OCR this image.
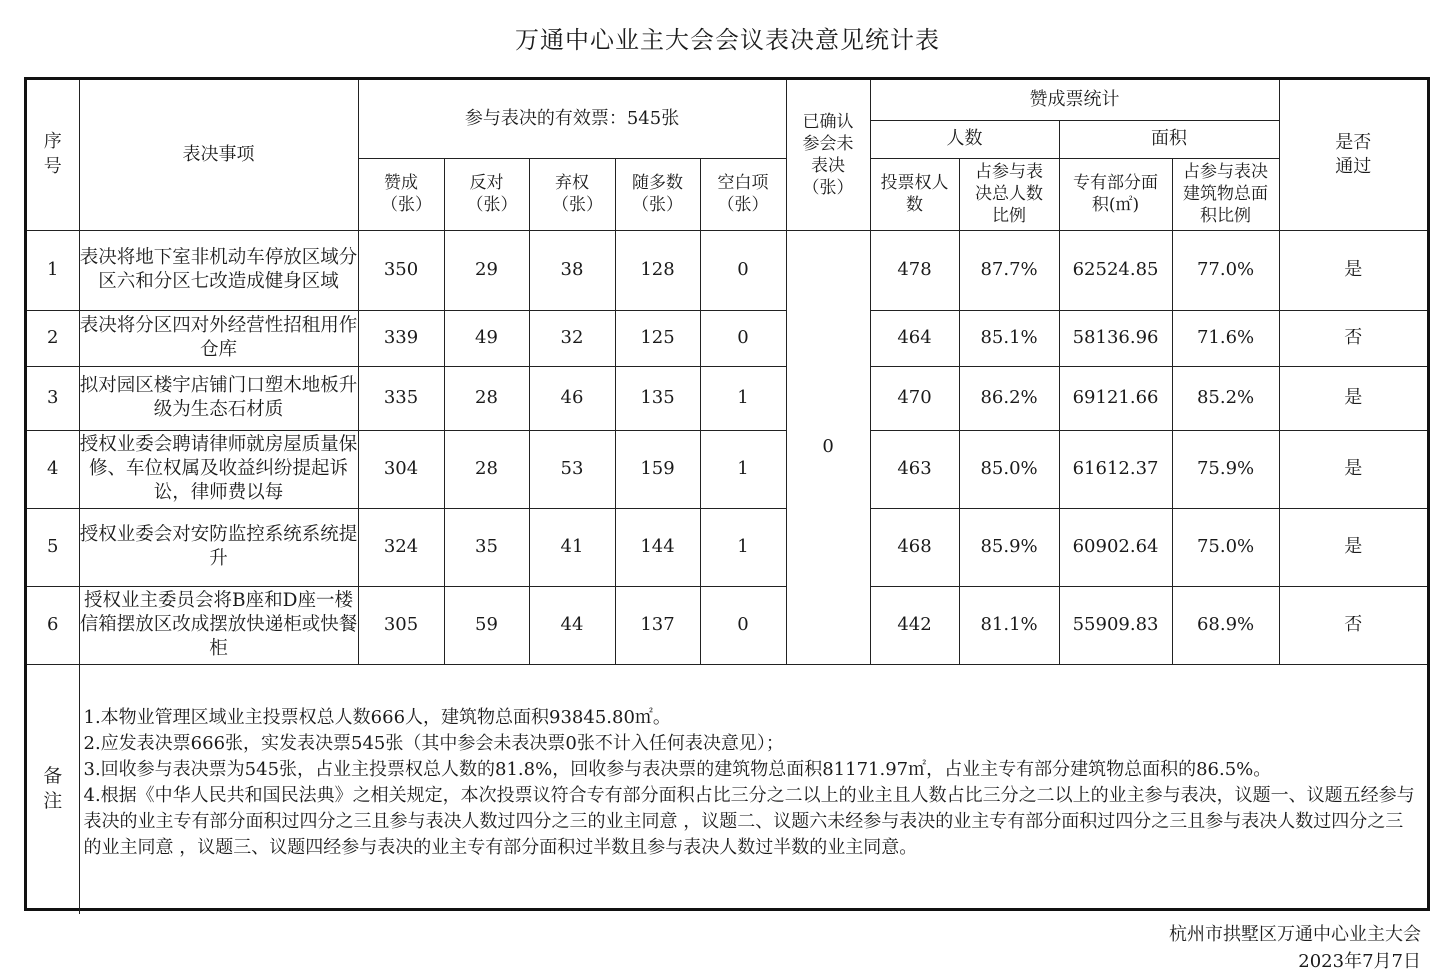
万通中心业主大会会议表决意见统计表
序号	表决事项	参与表决的有效票：545张					已确认参会未表决（张）	赞成票统计				是否通过

								人数		面积		

		赞成（张）	反对（张）	弃权（张）	随多数（张）	空白项（张）		投票权人数	占参与表决总人数比例	专有部分面积(㎡)	占参与表决建筑物总面积比例	

1	表决将地下室非机动车停放区域分区六和分区七改造成健身区域	350	29	38	128	0	0	478	87.7%	62524.85	77.0%	是
2	表决将分区四对外经营性招租用作仓库	339	49	32	125	0		464	85.1%	58136.96	71.6%	否
3	拟对园区楼宇店铺门口塑木地板升级为生态石材质	335	28	46	135	1		470	86.2%	69121.66	85.2%	是
4	授权业委会聘请律师就房屋质量保修、车位权属及收益纠纷提起诉讼，律师费以每	304	28	53	159	1		463	85.0%	61612.37	75.9%	是
5	授权业委会对安防监控系统系统提升	324	35	41	144	1		468	85.9%	60902.64	75.0%	是
6	授权业主委员会将B座和D座一楼信箱摆放区改成摆放快递柜或快餐柜	305	59	44	137	0		442	81.1%	55909.83	68.9%	否
备注	1.本物业管理区域业主投票权总人数666人，建筑物总面积93845.80㎡。

2.应发表决票666张，实发表决票545张（其中参会未表决票0张不计入任何表决意见）；

3.回收参与表决票为545张，占业主投票权总人数的81.8%，回收参与表决票的建筑物总面积81171.97㎡，占业主专有部分建筑物总面积的86.5%。

4.根据《中华人民共和国民法典》之相关规定，本次投票议符合专有部分面积占比三分之二以上的业主且人数占比三分之二以上的业主参与表决，议题一、议题五经参与表决的业主专有部分面积过四分之三且参与表决人数过四分之三的业主同意 ，议题二、议题六未经参与表决的业主专有部分面积过四分之三且参与表决人数过四分之三的业主同意 ，议题三、议题四经参与表决的业主专有部分面积过半数且参与表决人数过半数的业主同意。											

杭州市拱墅区万通中心业主大会
2023年7月7日
